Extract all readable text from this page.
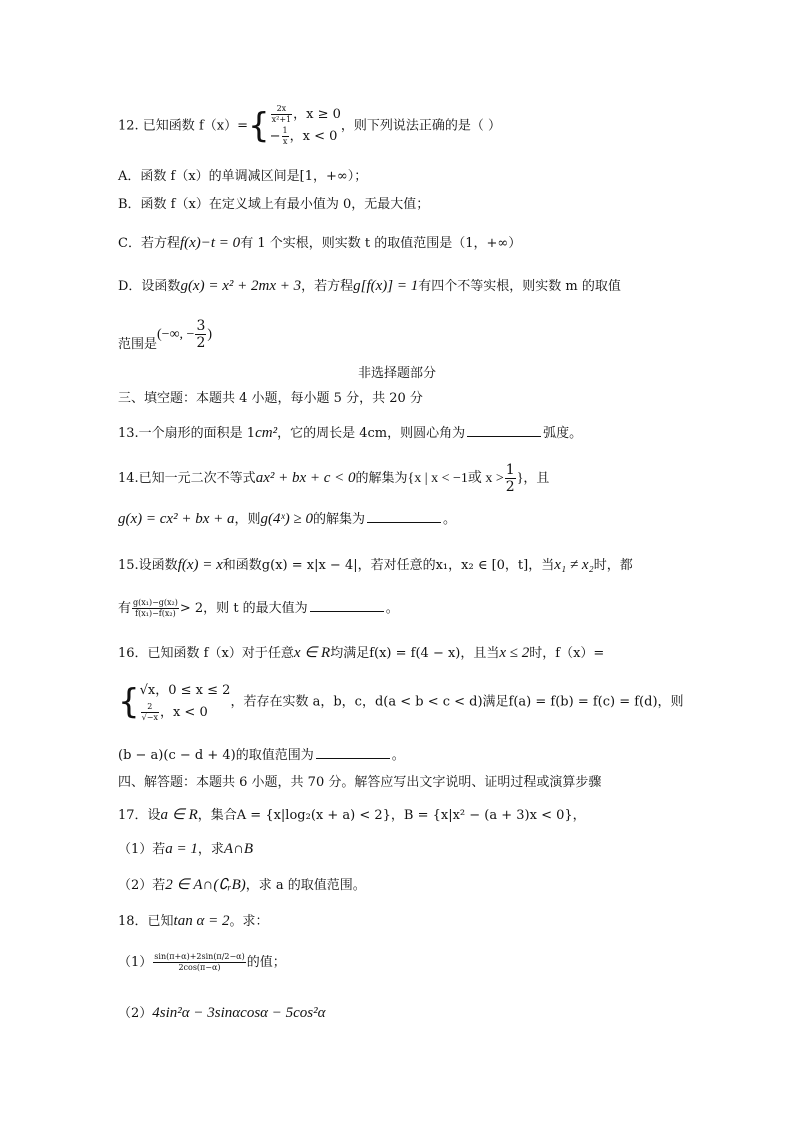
12. 已知函数 $f(x)=\{ \frac{2x}{\text{x²+1}}$ ，x ≥ 0
− $\frac{1}{x}$ ，x < 0
，则下列说法正确的是（ ）
A．函数 f（x）的单调减区间是[1，+∞）；
B．函数 f（x）在定义域上有最小值为 0，无最大值；
C．若方程f(x)−t = 0有 1 个实根，则实数 t 的取值范围是（1，+∞）
D．设函数g(x) = x² + 2mx + 3，若方程g[f(x)] = 1有四个不等实根，则实数 m 的取值
范围是(−∞, − $\frac{3}{2}$ )
非选择题部分
三、填空题：本题共 4 小题，每小题 5 分，共 20 分
13.一个扇形的面积是 1cm²，它的周长是 4cm，则圆心角为	弧度。
14.已知一元二次不等式ax² + bx + c < 0的解集为{x | x < −1或 $x > \frac{1}{2}$ }，且
g(x) = cx² + bx + a，则g(4ˣ) ≥ 0的解集为	。
15.设函数f(x) = x和函数g(x) = x|x − 4|，若对任意的x₁，x₂ ∈ [0，t]，当x₁ ≠ x₂时，都
有 $\frac{\text{g(x₁)−g(x₂)}}{\text{f(x₁)−f(x₂)}} > 2$，则 t 的最大值为	。
16．已知函数 f（x）对于任意x ∈ R均满足f(x) = f(4 − x)，且当x ≤ 2时，f（x）=
{ √x，0 ≤ x ≤ 2
$\frac{2}{√-x}$ ，x < 0
，若存在实数 a，b，c，d(a < b < c < d)满足f(a) = f(b) = f(c) = f(d)，则
(b − a)(c − d + 4)的取值范围为	。
四、解答题：本题共 6 小题，共 70 分。解答应写出文字说明、证明过程或演算步骤
17．设a ∈ R，集合A = {x|log₂(x + a) < 2}，B = {x|x² − (a + 3)x < 0}，
（1）若a = 1，求A∩B
（2）若2 ∈ A∩(∁ᵣB)，求 a 的取值范围。
18．已知tan α = 2。求：
$(1) \frac{\sin(\pi+\alpha)+2\sin(\pi/2-\alpha)}{2\cos(\pi-\alpha)}$ 的值；
（2）4sin²α − 3sinαcosα − 5cos²α
